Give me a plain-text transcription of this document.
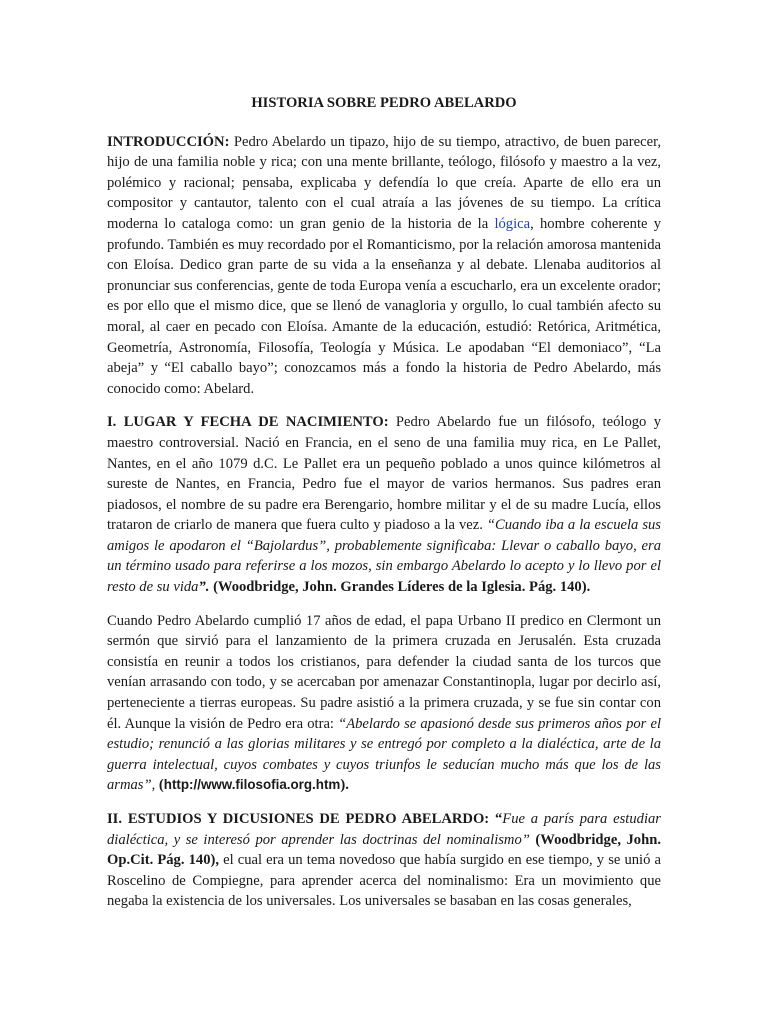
HISTORIA SOBRE PEDRO ABELARDO

INTRODUCCIÓN: Pedro Abelardo un tipazo, hijo de su tiempo, atractivo, de buen parecer, hijo de una familia noble y rica; con una mente brillante, teólogo, filósofo y maestro a la vez, polémico y racional; pensaba, explicaba y defendía lo que creía. Aparte de ello era un compositor y cantautor, talento con el cual atraía a las jóvenes de su tiempo. La crítica moderna lo cataloga como: un gran genio de la historia de la lógica, hombre coherente y profundo. También es muy recordado por el Romanticismo, por la relación amorosa mantenida con Eloísa. Dedico gran parte de su vida a la enseñanza y al debate. Llenaba auditorios al pronunciar sus conferencias, gente de toda Europa venía a escucharlo, era un excelente orador; es por ello que el mismo dice, que se llenó de vanagloria y orgullo, lo cual también afecto su moral, al caer en pecado con Eloísa. Amante de la educación, estudió: Retórica, Aritmética, Geometría, Astronomía, Filosofía, Teología y Música. Le apodaban “El demoniaco”, “La abeja” y “El caballo bayo”; conozcamos más a fondo la historia de Pedro Abelardo, más conocido como: Abelard.

I. LUGAR Y FECHA DE NACIMIENTO: Pedro Abelardo fue un filósofo, teólogo y maestro controversial. Nació en Francia, en el seno de una familia muy rica, en Le Pallet, Nantes, en el año 1079 d.C. Le Pallet era un pequeño poblado a unos quince kilómetros al sureste de Nantes, en Francia, Pedro fue el mayor de varios hermanos. Sus padres eran piadosos, el nombre de su padre era Berengario, hombre militar y el de su madre Lucía, ellos trataron de criarlo de manera que fuera culto y piadoso a la vez. “Cuando iba a la escuela sus amigos le apodaron el “Bajolardus”, probablemente significaba: Llevar o caballo bayo, era un término usado para referirse a los mozos, sin embargo Abelardo lo acepto y lo llevo por el resto de su vida”. (Woodbridge, John. Grandes Líderes de la Iglesia. Pág. 140).

Cuando Pedro Abelardo cumplió 17 años de edad, el papa Urbano II predico en Clermont un sermón que sirvió para el lanzamiento de la primera cruzada en Jerusalén. Esta cruzada consistía en reunir a todos los cristianos, para defender la ciudad santa de los turcos que venían arrasando con todo, y se acercaban por amenazar Constantinopla, lugar por decirlo así, perteneciente a tierras europeas. Su padre asistió a la primera cruzada, y se fue sin contar con él. Aunque la visión de Pedro era otra: “Abelardo se apasionó desde sus primeros años por el estudio; renunció a las glorias militares y se entregó por completo a la dialéctica, arte de la guerra intelectual, cuyos combates y cuyos triunfos le seducían mucho más que los de las armas”, (http://www.filosofia.org.htm).

II. ESTUDIOS Y DICUSIONES DE PEDRO ABELARDO: “Fue a parís para estudiar dialéctica, y se interesó por aprender las doctrinas del nominalismo” (Woodbridge, John. Op.Cit. Pág. 140), el cual era un tema novedoso que había surgido en ese tiempo, y se unió a Roscelino de Compiegne, para aprender acerca del nominalismo: Era un movimiento que negaba la existencia de los universales. Los universales se basaban en las cosas generales,
